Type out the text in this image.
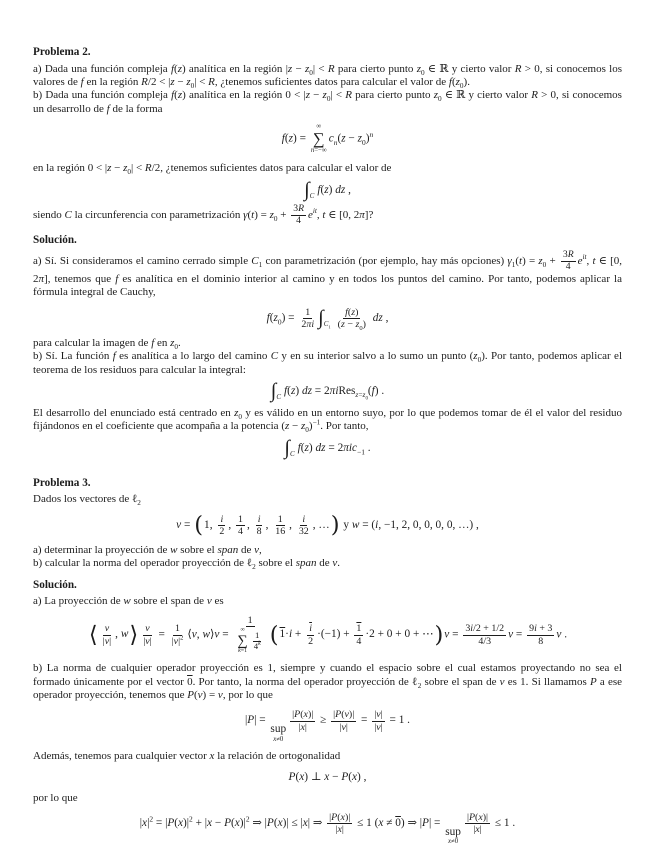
Problema 2.

a) Dada una función compleja f(z) analítica en la región $|z - z_0| < R$ para cierto punto $z_0$ ∈ ℝ y cierto valor R > 0, si conocemos los valores de f en la región $R/2 < |z - z_0| < R$, ¿tenemos suficientes datos para calcular el valor de $f(z_0)$.

b) Dada una función compleja f(z) analítica en la región $0 < |z - z_0| < R$ para cierto punto $z_0$ ∈ ℝ y cierto valor R > 0, si conocemos un desarrollo de f de la forma

f(z) =
∞
∑
n=−∞
$c_n(z - z_0)^n$

en la región $0 < |z - z_0| < R/2$, ¿tenemos suficientes datos para calcular el valor de

$\int_Cf(z)$ dz ,

siendo C la circunferencia con parametrización $\gamma(t) = z_0 + \frac{3R}{4} e^{it}$, t ∈ [0, 2π]?

Solución.

a) Sí. Si consideramos el camino cerrado simple $C_1$ con parametrización (por ejemplo, hay más opciones) $\gamma_1(t) = z_0 + \frac{3R}{4} e^{it}$, t ∈ [0, 2π], tenemos que f es analítica en el dominio interior al camino y en todos los puntos del camino. Por tanto, podemos aplicar la fórmula integral de Cauchy,

$f(z_0) = \frac{1}{2\pi i} \int_{C_1} \frac{f(z)}{(z - z_0)}$ dz ,

para calcular la imagen de f en $z_0$.

b) Sí. La función f es analítica a lo largo del camino C y en su interior salvo a lo sumo un punto $(z_0)$. Por tanto, podemos aplicar el teorema de los residuos para calcular la integral:

$\int_Cf(z)$ dz = 2πiRes$_{z=z_0}$(f) .

El desarrollo del enunciado está centrado en $z_0$ y es válido en un entorno suyo, por lo que podemos tomar de él el valor del residuo fijándonos en el coeficiente que acompaña a la potencia $(z - z_0)^{-1}$. Por tanto,

$\int_Cf(z)$ dz = 2πic$_{-1}$ .
Problema 3.

Dados los vectores de ℓ$_2$

v = ( 1, $\frac{i}{2}$ , $\frac{1}{4}$ , $\frac{i}{8}$ , $\frac{1}{16}$ , $\frac{i}{32}$ , … ) y w = (i, −1, 2, 0, 0, 0, 0, …) ,

a) determinar la proyección de w sobre el span de v,

b) calcular la norma del operador proyección de ℓ$_2$ sobre el span de v.

Solución.

a) La proyección de w sobre el span de v es

⟨ $\frac{v}{|v|}$ , w ⟩ $\frac{v}{|v|} = \frac{1}{|v|^2}$ ⟨v, w⟩v = 1
∞
∑
$k=1 \frac{1}{4^k}$ ( $1\cdot i + \frac{\overline{i}}{2} \cdot(-1) + \frac{1}{4} \cdot 2 + 0 + 0$ + ⋯ ) $v = \frac{3i/2 + 1/2}{4/3}$ $v = \frac{9i + 3}{8}$ v .

b) La norma de cualquier operador proyección es 1, siempre y cuando el espacio sobre el cual estamos proyectando no sea el formado únicamente por el vector 0. Por tanto, la norma del operador proyección de ℓ$_2$ sobre el span de v es 1. Si llamamos P a ese operador proyección, tenemos que P(v) = v, por lo que

|P| =
sup
x≠0
$\frac{|P(x)|}{|x|} \ge \frac{|P(v)|}{|v|} = \frac{|v|}{|v|} = 1$ .

Además, tenemos para cualquier vector x la relación de ortogonalidad

P(x) ⊥ x − P(x) ,

por lo que

$|x|^2 = |P(x)|^2 + |x - P(x)|^2$ ⇒ |P(x)| ≤ |x| ⇒ $\frac{|P(x)|}{|x|} \le 1$ (x ≠ 0) ⇒ |P| =
sup
x≠0
$\frac{|P(x)|}{|x|} \le 1$ .
